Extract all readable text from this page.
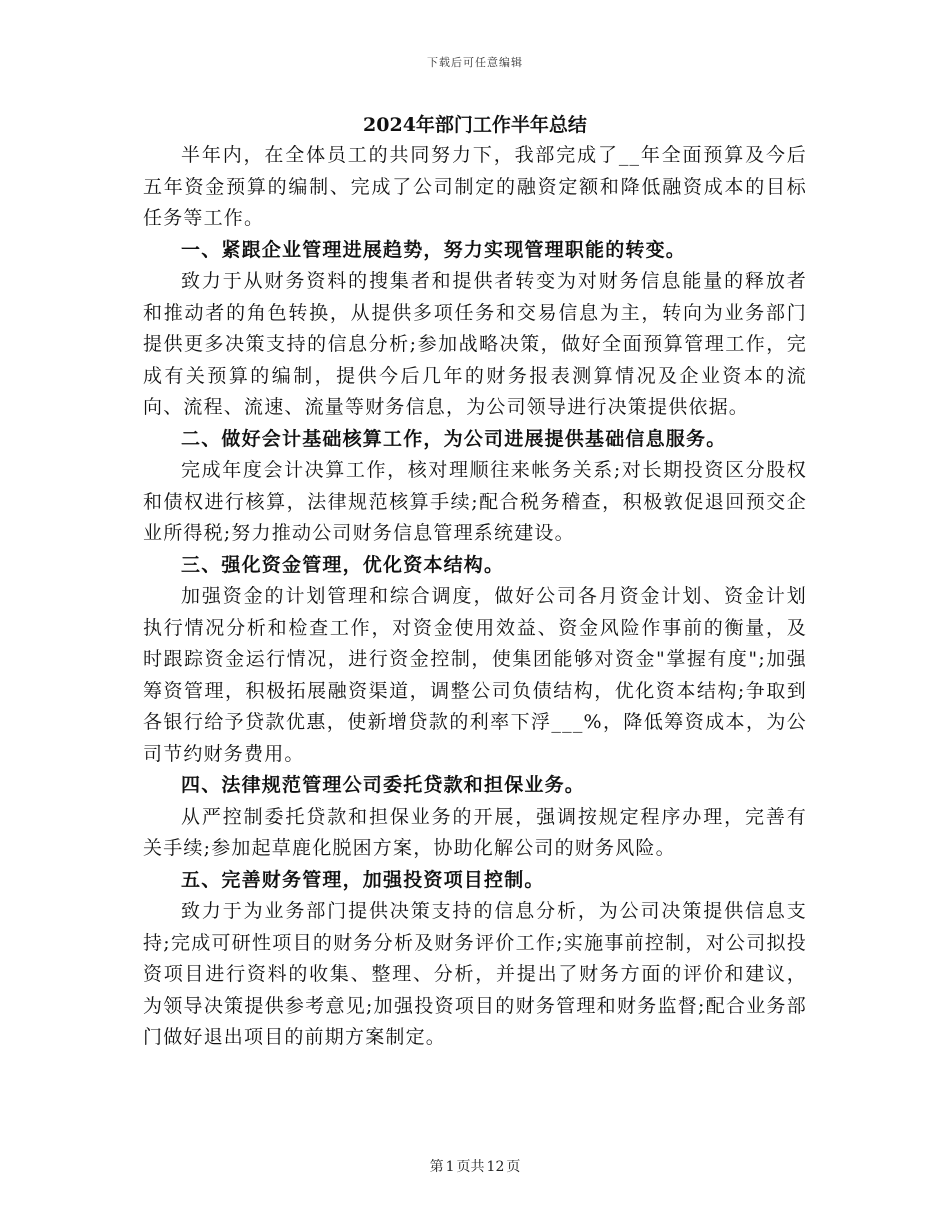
下载后可任意编辑

2024年部门工作半年总结

半年内，在全体员工的共同努力下，我部完成了__年全面预算及今后五年资金预算的编制、完成了公司制定的融资定额和降低融资成本的目标任务等工作。

一、紧跟企业管理进展趋势，努力实现管理职能的转变。

致力于从财务资料的搜集者和提供者转变为对财务信息能量的释放者和推动者的角色转换，从提供多项任务和交易信息为主，转向为业务部门提供更多决策支持的信息分析;参加战略决策，做好全面预算管理工作，完成有关预算的编制，提供今后几年的财务报表测算情况及企业资本的流向、流程、流速、流量等财务信息，为公司领导进行决策提供依据。

二、做好会计基础核算工作，为公司进展提供基础信息服务。

完成年度会计决算工作，核对理顺往来帐务关系;对长期投资区分股权和债权进行核算，法律规范核算手续;配合税务稽查，积极敦促退回预交企业所得税;努力推动公司财务信息管理系统建设。

三、强化资金管理，优化资本结构。

加强资金的计划管理和综合调度，做好公司各月资金计划、资金计划执行情况分析和检查工作，对资金使用效益、资金风险作事前的衡量，及时跟踪资金运行情况，进行资金控制，使集团能够对资金"掌握有度";加强筹资管理，积极拓展融资渠道，调整公司负债结构，优化资本结构;争取到各银行给予贷款优惠，使新增贷款的利率下浮___%，降低筹资成本，为公司节约财务费用。

四、法律规范管理公司委托贷款和担保业务。

从严控制委托贷款和担保业务的开展，强调按规定程序办理，完善有关手续;参加起草鹿化脱困方案，协助化解公司的财务风险。

五、完善财务管理，加强投资项目控制。

致力于为业务部门提供决策支持的信息分析，为公司决策提供信息支持;完成可研性项目的财务分析及财务评价工作;实施事前控制，对公司拟投资项目进行资料的收集、整理、分析，并提出了财务方面的评价和建议，为领导决策提供参考意见;加强投资项目的财务管理和财务监督;配合业务部门做好退出项目的前期方案制定。

第 1 页共 12 页
